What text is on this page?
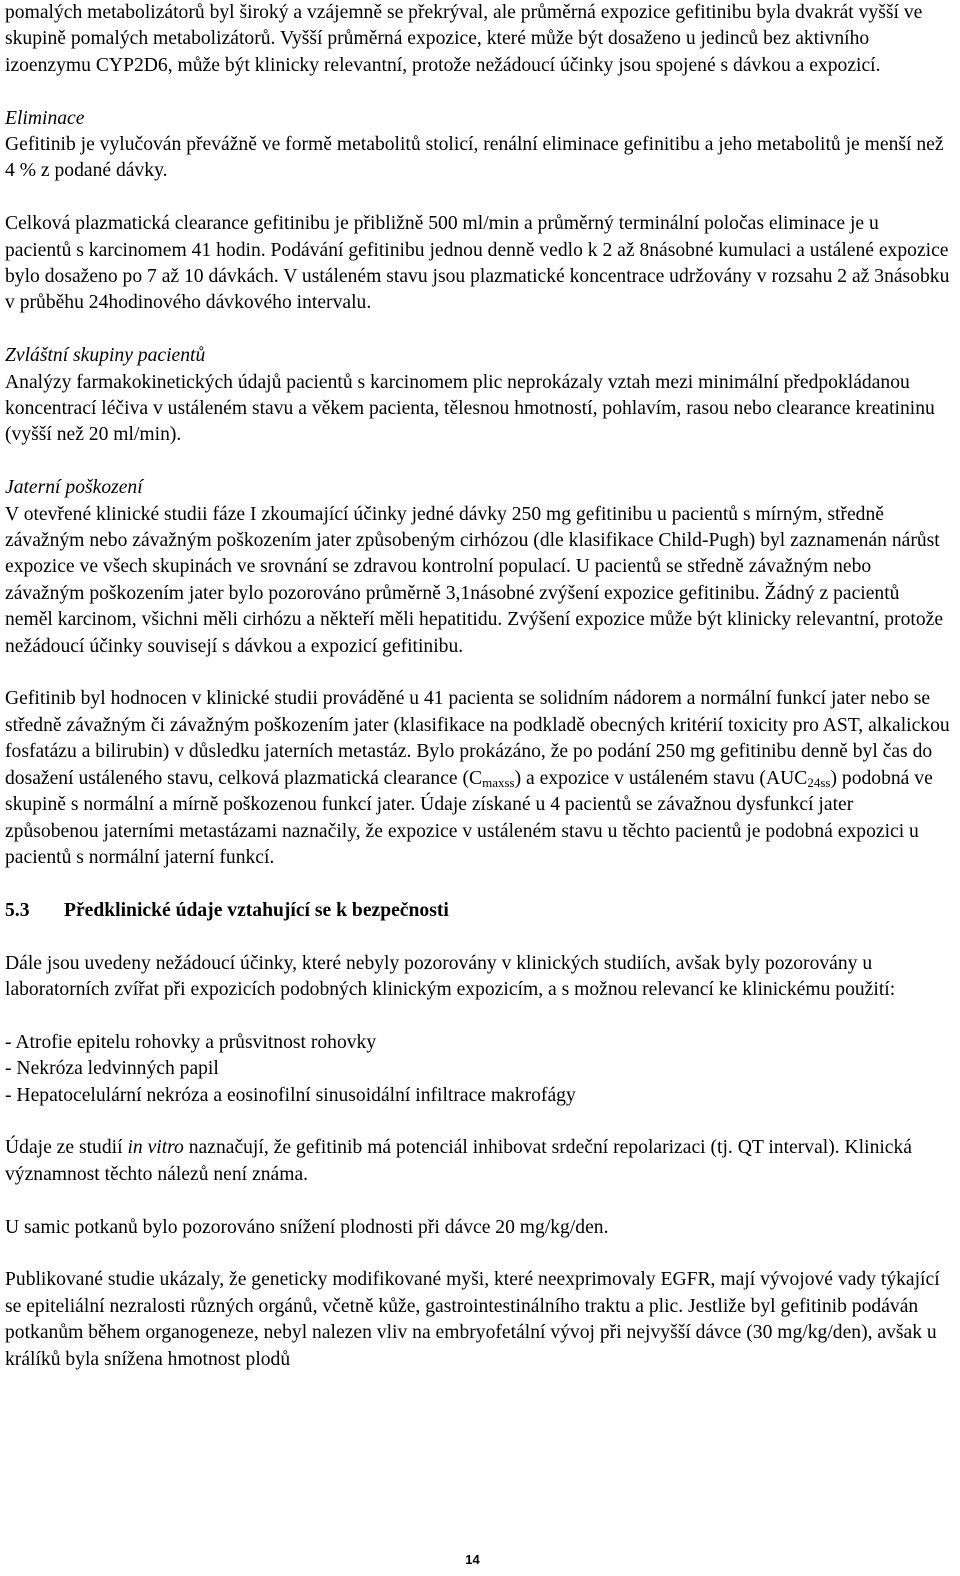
pomalých metabolizátorů byl široký a vzájemně se překrýval, ale průměrná expozice gefitinibu byla dvakrát vyšší ve skupině pomalých metabolizátorů. Vyšší průměrná expozice, které může být dosaženo u jedinců bez aktivního izoenzymu CYP2D6, může být klinicky relevantní, protože nežádoucí účinky jsou spojené s dávkou a expozicí.

Eliminace

Gefitinib je vylučován převážně ve formě metabolitů stolicí, renální eliminace gefinitibu a jeho metabolitů je menší než 4 % z podané dávky.

Celková plazmatická clearance gefitinibu je přibližně 500 ml/min a průměrný terminální poločas eliminace je u pacientů s karcinomem 41 hodin. Podávání gefitinibu jednou denně vedlo k 2 až 8násobné kumulaci a ustálené expozice bylo dosaženo po 7 až 10 dávkách. V ustáleném stavu jsou plazmatické koncentrace udržovány v rozsahu 2 až 3násobku v průběhu 24hodinového dávkového intervalu.

Zvláštní skupiny pacientů

Analýzy farmakokinetických údajů pacientů s karcinomem plic neprokázaly vztah mezi minimální předpokládanou koncentrací léčiva v ustáleném stavu a věkem pacienta, tělesnou hmotností, pohlavím, rasou nebo clearance kreatininu (vyšší než 20 ml/min).

Jaterní poškození

V otevřené klinické studii fáze I zkoumající účinky jedné dávky 250 mg gefitinibu u pacientů s mírným, středně závažným nebo závažným poškozením jater způsobeným cirhózou (dle klasifikace Child-Pugh) byl zaznamenán nárůst expozice ve všech skupinách ve srovnání se zdravou kontrolní populací. U pacientů se středně závažným nebo závažným poškozením jater bylo pozorováno průměrně 3,1násobné zvýšení expozice gefitinibu. Žádný z pacientů neměl karcinom, všichni měli cirhózu a někteří měli hepatitidu. Zvýšení expozice může být klinicky relevantní, protože nežádoucí účinky souvisejí s dávkou a expozicí gefitinibu.

Gefitinib byl hodnocen v klinické studii prováděné u 41 pacienta se solidním nádorem a normální funkcí jater nebo se středně závažným či závažným poškozením jater (klasifikace na podkladě obecných kritérií toxicity pro AST, alkalickou fosfatázu a bilirubin) v důsledku jaterních metastáz. Bylo prokázáno, že po podání 250 mg gefitinibu denně byl čas do dosažení ustáleného stavu, celková plazmatická clearance $(C_{maxss})$ a expozice v ustáleném stavu $(AUC_{24ss})$ podobná ve skupině s normální a mírně poškozenou funkcí jater. Údaje získané u 4 pacientů se závažnou dysfunkcí jater způsobenou jaterními metastázami naznačily, že expozice v ustáleném stavu u těchto pacientů je podobná expozici u pacientů s normální jaterní funkcí.

5.3 Předklinické údaje vztahující se k bezpečnosti

Dále jsou uvedeny nežádoucí účinky, které nebyly pozorovány v klinických studiích, avšak byly pozorovány u laboratorních zvířat při expozicích podobných klinickým expozicím, a s možnou relevancí ke klinickému použití:

- Atrofie epitelu rohovky a průsvitnost rohovky

- Nekróza ledvinných papil

- Hepatocelulární nekróza a eosinofilní sinusoidální infiltrace makrofágy

Údaje ze studií in vitro naznačují, že gefitinib má potenciál inhibovat srdeční repolarizaci (tj. QT interval). Klinická významnost těchto nálezů není známa.

U samic potkanů bylo pozorováno snížení plodnosti při dávce 20 mg/kg/den.

Publikované studie ukázaly, že geneticky modifikované myši, které neexprimovaly EGFR, mají vývojové vady týkající se epiteliální nezralosti různých orgánů, včetně kůže, gastrointestinálního traktu a plic. Jestliže byl gefitinib podáván potkanům během organogeneze, nebyl nalezen vliv na embryofetální vývoj při nejvyšší dávce (30 mg/kg/den), avšak u králíků byla snížena hmotnost plodů

14
